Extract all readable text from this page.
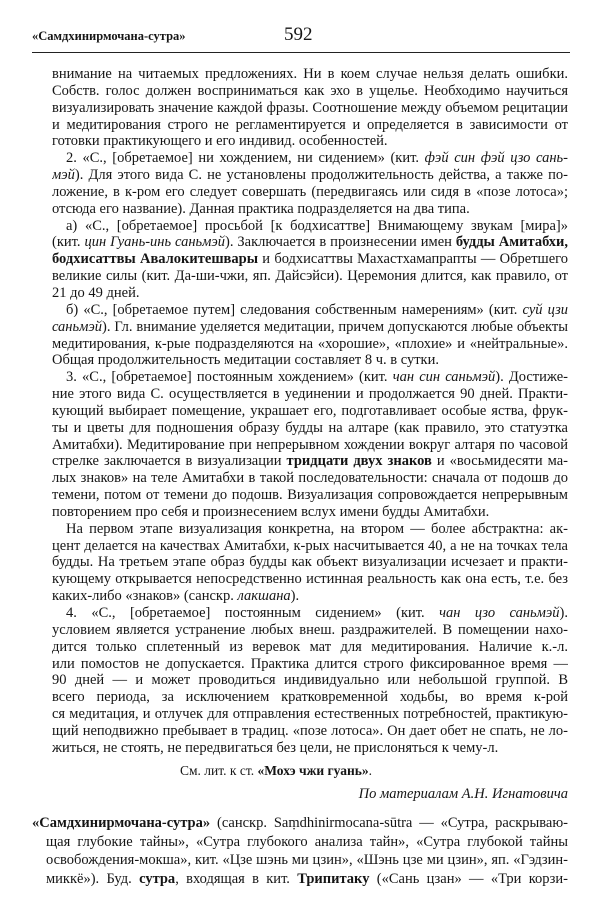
«Самдхинирмочана-сутра»	592
внимание на читаемых предложениях. Ни в коем случае нельзя делать ошибки.
Собств. голос должен восприниматься как эхо в ущелье. Необходимо научиться
визуализировать значение каждой фразы. Соотношение между объемом рецитации
и медитирования строго не регламентируется и определяется в зависимости от
готовки практикующего и его индивид. особенностей.
2. «С., [обретаемое] ни хождением, ни сидением» (кит. фэй син фэй цзо сань-
мэй). Для этого вида С. не установлены продолжительность действа, а также по-
ложение, в к-ром его следует совершать (передвигаясь или сидя в «позе лотоса»;
отсюда его название). Данная практика подразделяется на два типа.
а) «С., [обретаемое] просьбой [к бодхисаттве] Внимающему звукам [мира]»
(кит. цин Гуань-инь саньмэй). Заключается в произнесении имен будды Амитабхи,
бодхисаттвы Авалокитешвары и бодхисаттвы Махастхамапрапты — Обретшего
великие силы (кит. Да-ши-чжи, яп. Дайсэйси). Церемония длится, как правило, от
21 до 49 дней.
б) «С., [обретаемое путем] следования собственным намерениям» (кит. суй цзи
саньмэй). Гл. внимание уделяется медитации, причем допускаются любые объекты
медитирования, к-рые подразделяются на «хорошие», «плохие» и «нейтральные».
Общая продолжительность медитации составляет 8 ч. в сутки.
3. «С., [обретаемое] постоянным хождением» (кит. чан син саньмэй). Достиже-
ние этого вида С. осуществляется в уединении и продолжается 90 дней. Практи-
кующий выбирает помещение, украшает его, подготавливает особые яства, фрук-
ты и цветы для подношения образу будды на алтаре (как правило, это статуэтка
Амитабхи). Медитирование при непрерывном хождении вокруг алтаря по часовой
стрелке заключается в визуализации тридцати двух знаков и «восьмидесяти ма-
лых знаков» на теле Амитабхи в такой последовательности: сначала от подошв до
темени, потом от темени до подошв. Визуализация сопровождается непрерывным
повторением про себя и произнесением вслух имени будды Амитабхи.
На первом этапе визуализация конкретна, на втором — более абстрактна: ак-
цент делается на качествах Амитабхи, к-рых насчитывается 40, а не на точках тела
будды. На третьем этапе образ будды как объект визуализации исчезает и практи-
кующему открывается непосредственно истинная реальность как она есть, т.е. без
каких-либо «знаков» (санскр. лакшана).
4. «С., [обретаемое] постоянным сидением» (кит. чан цзо саньмэй).
условием является устранение любых внеш. раздражителей. В помещении нахо-
дится только сплетенный из веревок мат для медитирования. Наличие к.-л.
или помостов не допускается. Практика длится строго фиксированное время —
90 дней — и может проводиться индивидуально или небольшой группой. В
всего периода, за исключением кратковременной ходьбы, во время к-рой
ся медитация, и отлучек для отправления естественных потребностей, практикую-
щий неподвижно пребывает в традиц. «позе лотоса». Он дает обет не спать, не ло-
житься, не стоять, не передвигаться без цели, не прислоняться к чему-л.
См. лит. к ст. «Мохэ чжи гуань».
По материалам А.Н. Игнатовича
«Самдхинирмочана-сутра» (санскр. Saṃdhinirmocana-sūtra — «Сутра, раскрываю-
щая глубокие тайны», «Сутра глубокого анализа тайн», «Сутра глубокой тайны
освобождения-мокша», кит. «Цзе шэнь ми цзин», «Шэнь цзе ми цзин», яп. «Гэдзин-
миккё»). Буд. сутра, входящая в кит. Трипитаку («Сань цзан» — «Три корзи-
